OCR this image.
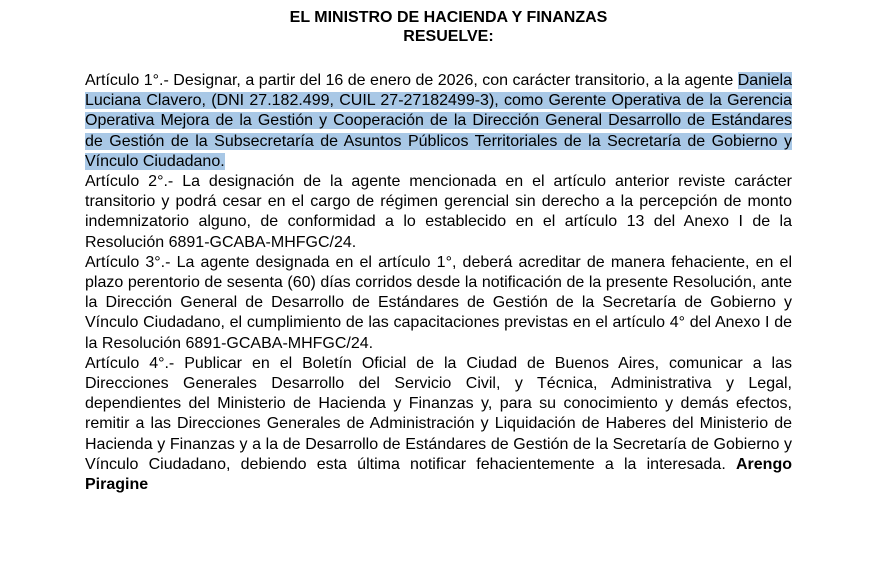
EL MINISTRO DE HACIENDA Y FINANZAS

RESUELVE:

Artículo 1°.- Designar, a partir del 16 de enero de 2026, con carácter transitorio, a la agente Daniela Luciana Clavero, (DNI 27.182.499, CUIL 27-27182499-3), como Gerente Operativa de la Gerencia Operativa Mejora de la Gestión y Cooperación de la Dirección General Desarrollo de Estándares de Gestión de la Subsecretaría de Asuntos Públicos Territoriales de la Secretaría de Gobierno y Vínculo Ciudadano.

Artículo 2°.- La designación de la agente mencionada en el artículo anterior reviste carácter transitorio y podrá cesar en el cargo de régimen gerencial sin derecho a la percepción de monto indemnizatorio alguno, de conformidad a lo establecido en el artículo 13 del Anexo I de la Resolución 6891-GCABA-MHFGC/24.

Artículo 3°.- La agente designada en el artículo 1°, deberá acreditar de manera fehaciente, en el plazo perentorio de sesenta (60) días corridos desde la notificación de la presente Resolución, ante la Dirección General de Desarrollo de Estándares de Gestión de la Secretaría de Gobierno y Vínculo Ciudadano, el cumplimiento de las capacitaciones previstas en el artículo 4° del Anexo I de la Resolución 6891-GCABA-MHFGC/24.

Artículo 4°.- Publicar en el Boletín Oficial de la Ciudad de Buenos Aires, comunicar a las Direcciones Generales Desarrollo del Servicio Civil, y Técnica, Administrativa y Legal, dependientes del Ministerio de Hacienda y Finanzas y, para su conocimiento y demás efectos, remitir a las Direcciones Generales de Administración y Liquidación de Haberes del Ministerio de Hacienda y Finanzas y a la de Desarrollo de Estándares de Gestión de la Secretaría de Gobierno y Vínculo Ciudadano, debiendo esta última notificar fehacientemente a la interesada. Arengo Piragine
